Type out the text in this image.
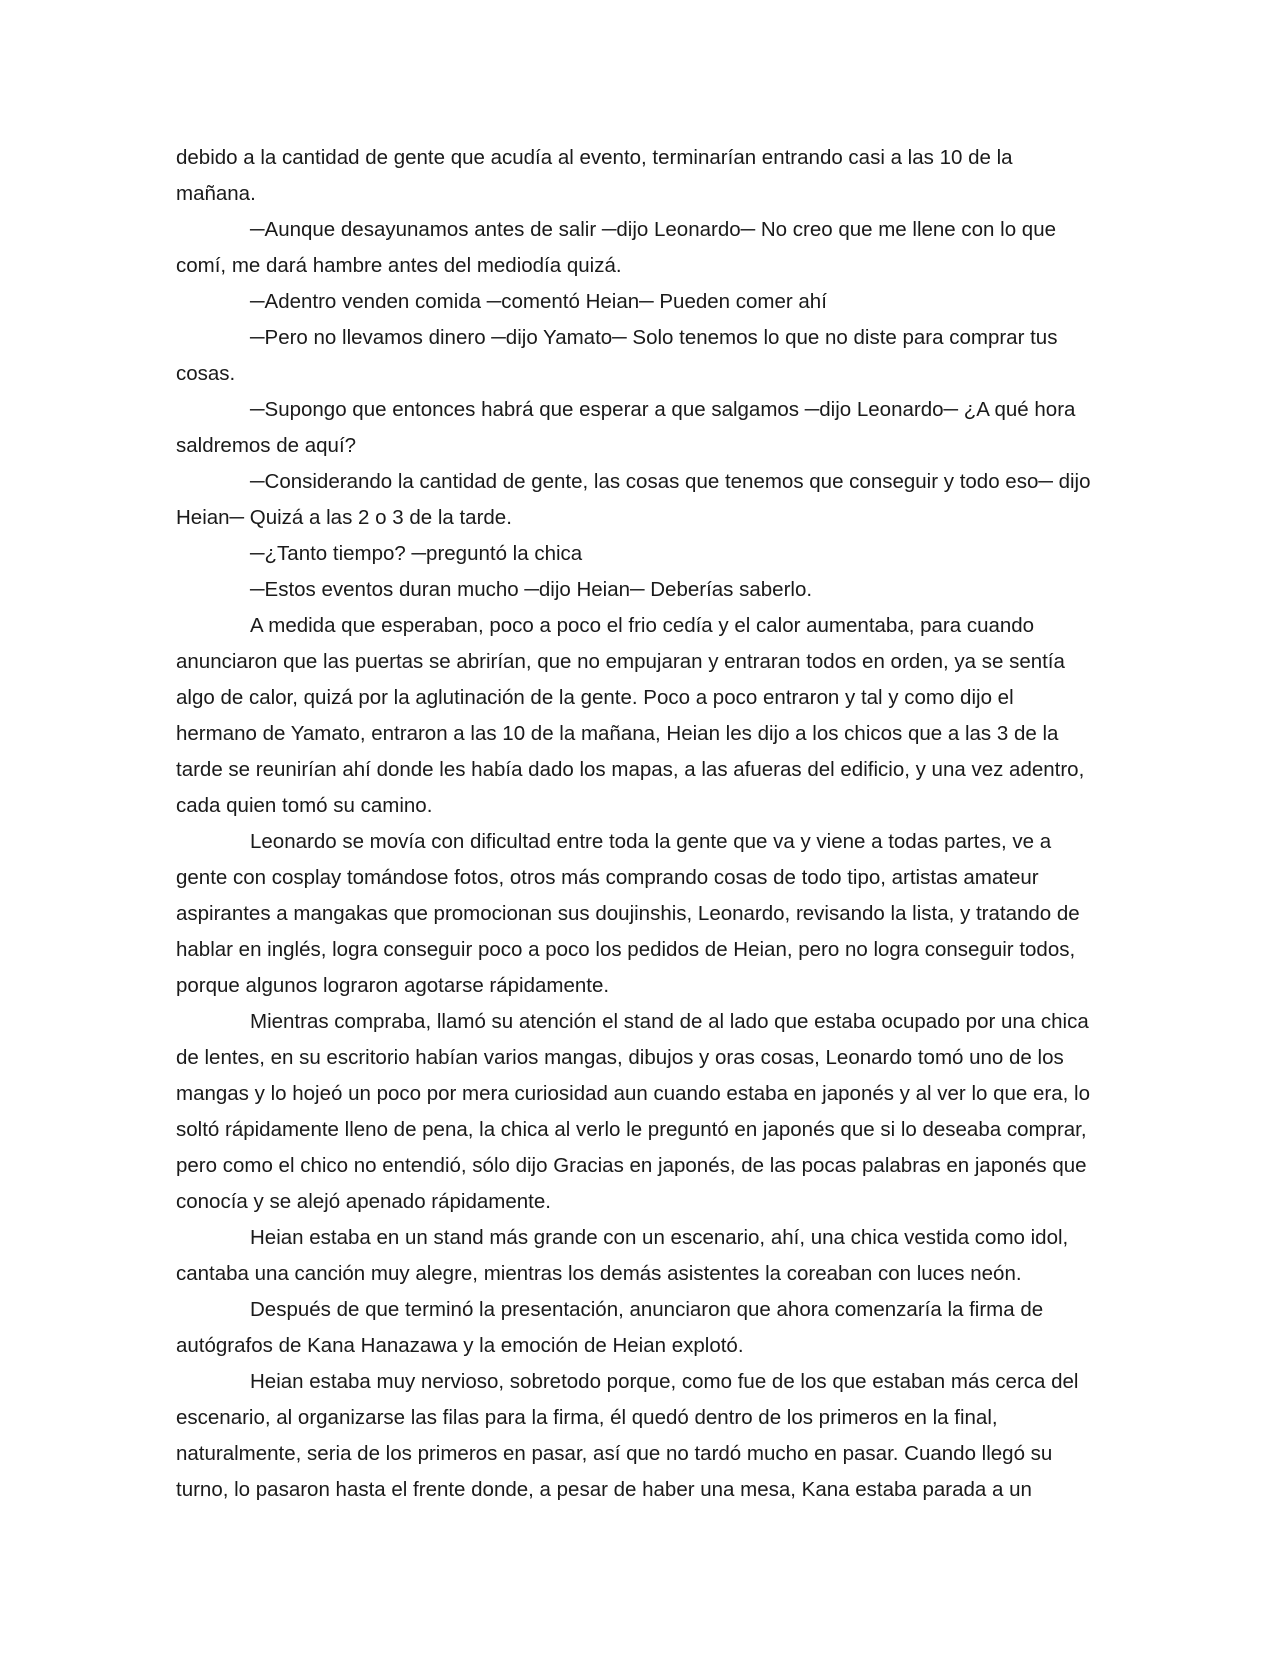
debido a la cantidad de gente que acudía al evento, terminarían entrando casi a las 10 de la mañana.

─Aunque desayunamos antes de salir ─dijo Leonardo─ No creo que me llene con lo que comí, me dará hambre antes del mediodía quizá.

─Adentro venden comida ─comentó Heian─ Pueden comer ahí

─Pero no llevamos dinero ─dijo Yamato─ Solo tenemos lo que no diste para comprar tus cosas.

─Supongo que entonces habrá que esperar a que salgamos ─dijo Leonardo─ ¿A qué hora saldremos de aquí?

─Considerando la cantidad de gente, las cosas que tenemos que conseguir y todo eso─ dijo Heian─ Quizá a las 2 o 3 de la tarde.

─¿Tanto tiempo? ─preguntó la chica

─Estos eventos duran mucho ─dijo Heian─ Deberías saberlo.

A medida que esperaban, poco a poco el frio cedía y el calor aumentaba, para cuando anunciaron que las puertas se abrirían, que no empujaran y entraran todos en orden, ya se sentía algo de calor, quizá por la aglutinación de la gente. Poco a poco entraron y tal y como dijo el hermano de Yamato, entraron a las 10 de la mañana, Heian les dijo a los chicos que a las 3 de la tarde se reunirían ahí donde les había dado los mapas, a las afueras del edificio, y una vez adentro, cada quien tomó su camino.

Leonardo se movía con dificultad entre toda la gente que va y viene a todas partes, ve a gente con cosplay tomándose fotos, otros más comprando cosas de todo tipo, artistas amateur aspirantes a mangakas que promocionan sus doujinshis, Leonardo, revisando la lista, y tratando de hablar en inglés, logra conseguir poco a poco los pedidos de Heian, pero no logra conseguir todos, porque algunos lograron agotarse rápidamente.

Mientras compraba, llamó su atención el stand de al lado que estaba ocupado por una chica de lentes, en su escritorio habían varios mangas, dibujos y oras cosas, Leonardo tomó uno de los mangas y lo hojeó un poco por mera curiosidad aun cuando estaba en japonés y al ver lo que era, lo soltó rápidamente lleno de pena, la chica al verlo le preguntó en japonés que si lo deseaba comprar, pero como el chico no entendió, sólo dijo Gracias en japonés, de las pocas palabras en japonés que conocía y se alejó apenado rápidamente.

Heian estaba en un stand más grande con un escenario, ahí, una chica vestida como idol, cantaba una canción muy alegre, mientras los demás asistentes la coreaban con luces neón.

Después de que terminó la presentación, anunciaron que ahora comenzaría la firma de autógrafos de Kana Hanazawa y la emoción de Heian explotó.

Heian estaba muy nervioso, sobretodo porque, como fue de los que estaban más cerca del escenario, al organizarse las filas para la firma, él quedó dentro de los primeros en la final, naturalmente, seria de los primeros en pasar, así que no tardó mucho en pasar. Cuando llegó su turno, lo pasaron hasta el frente donde, a pesar de haber una mesa, Kana estaba parada a un
